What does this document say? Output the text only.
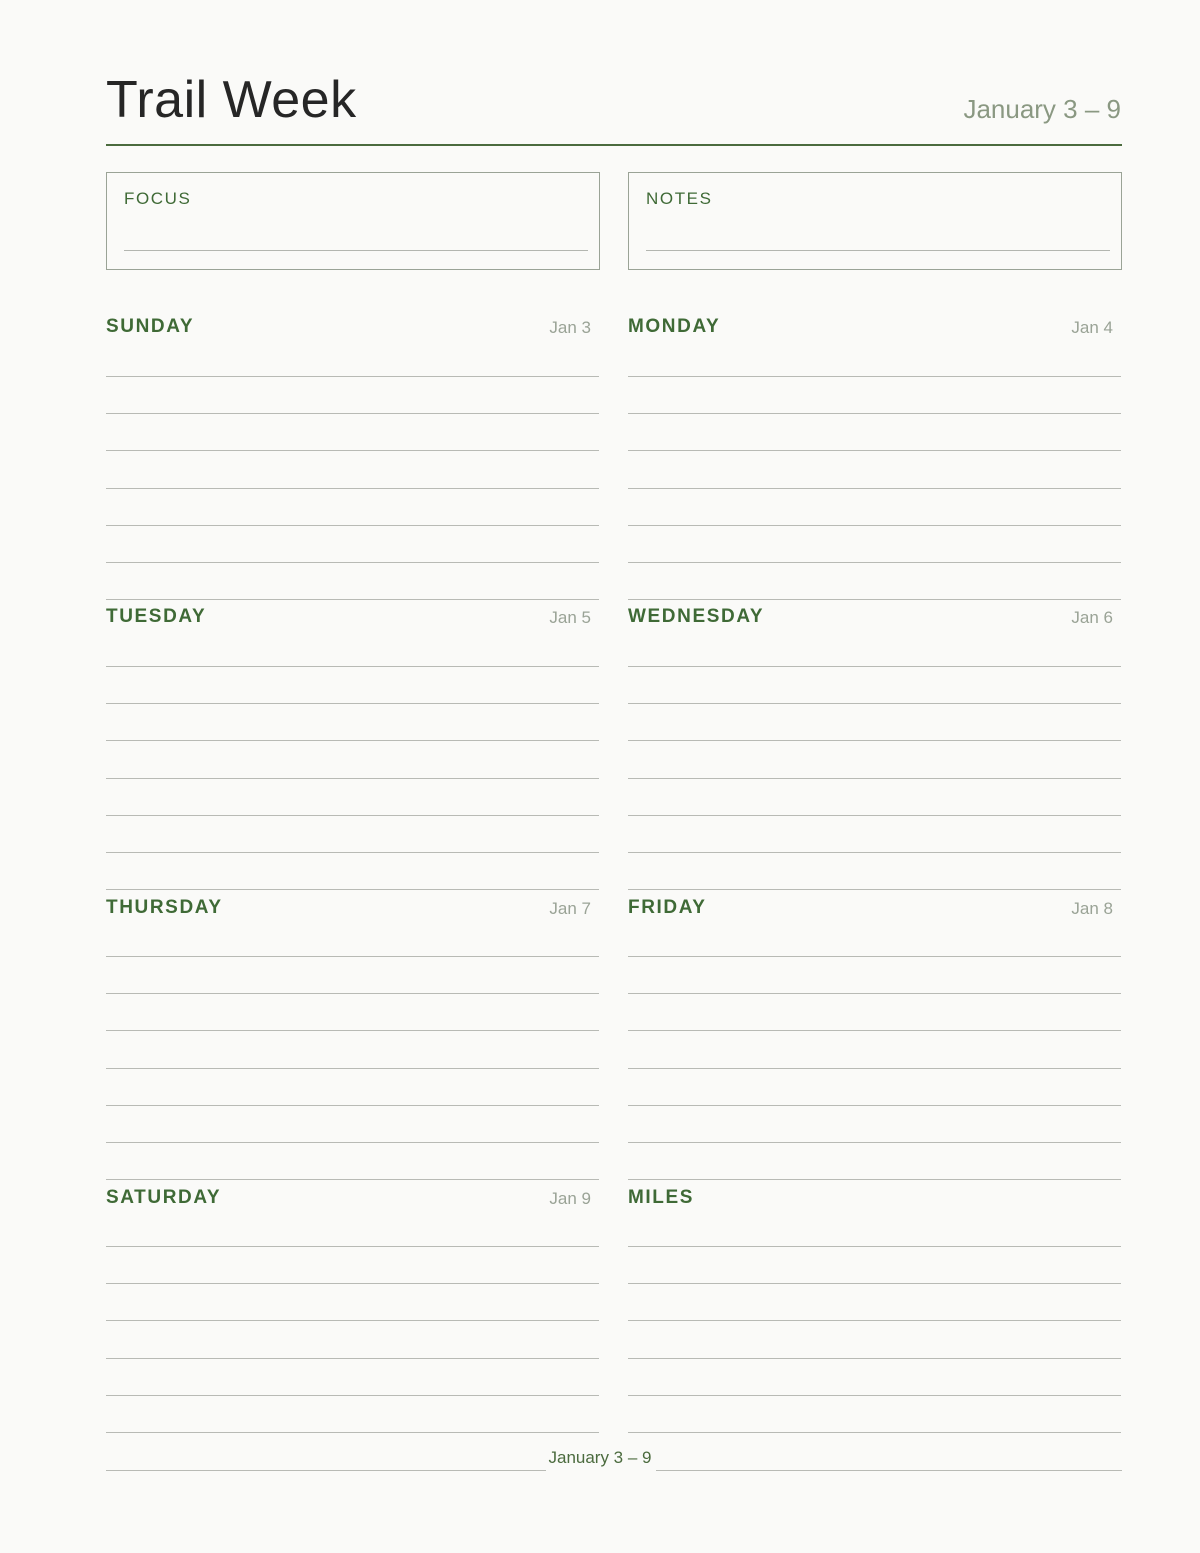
Trail Week	January 3 – 9
FOCUS	NOTES
SUNDAY	Jan 3 MONDAY	Jan 4
TUESDAY	Jan 5 WEDNESDAY	Jan 6
THURSDAY	Jan 7 FRIDAY	Jan 8
SATURDAY	Jan 9 MILES
January 3 – 9
